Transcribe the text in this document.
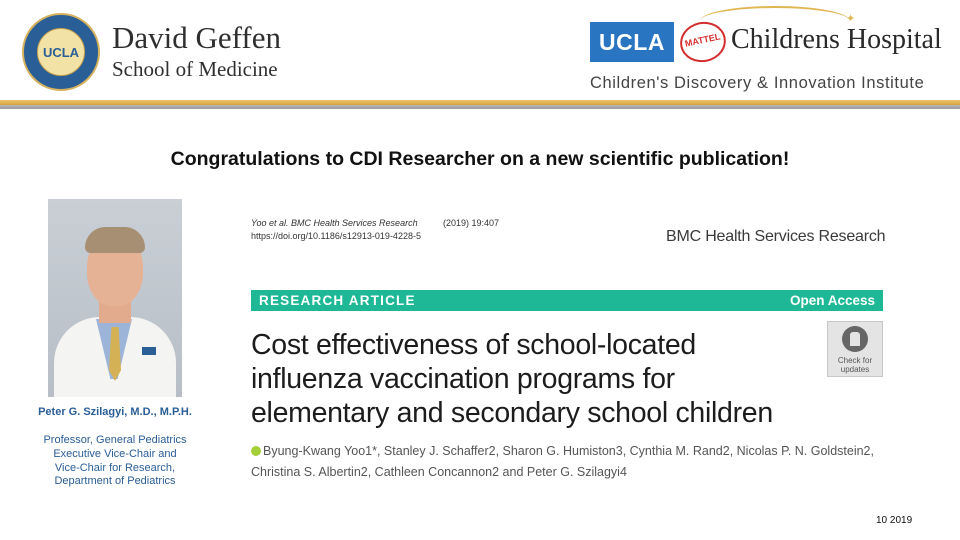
UCLA David Geffen
School of Medicine
UCLA
✦
MATTEL Childrens Hospital
Children's Discovery & Innovation Institute
Congratulations to CDI Researcher on a new scientific publication!
Peter G. Szilagyi, M.D., M.P.H.
Professor, General Pediatrics
Executive Vice-Chair and
Vice-Chair for Research,
Department of Pediatrics
Yoo et al. BMC Health Services Research	(2019) 19:407
https://doi.org/10.1186/s12913-019-4228-5	BMC Health Services Research
RESEARCH ARTICLE	Open Access
Cost effectiveness of school-located
influenza vaccination programs for
elementary and secondary school children
Check for
updates
Byung-Kwang Yoo1*, Stanley J. Schaffer2, Sharon G. Humiston3, Cynthia M. Rand2, Nicolas P. N. Goldstein2,
Christina S. Albertin2, Cathleen Concannon2 and Peter G. Szilagyi4
10 2019
